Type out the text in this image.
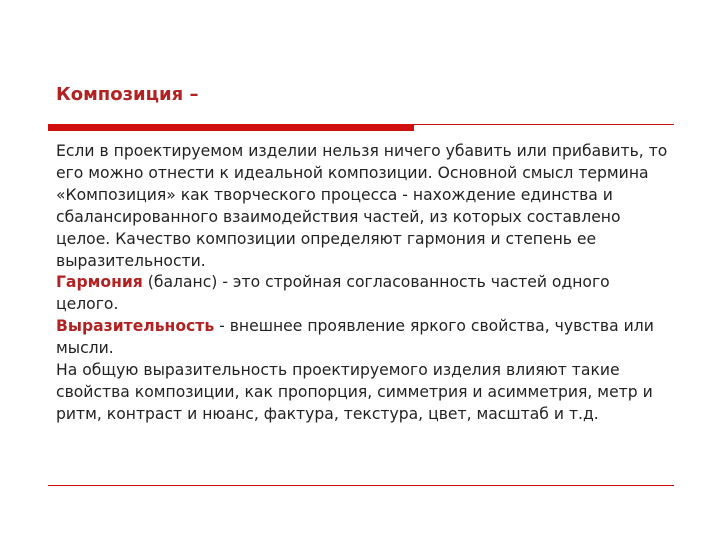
Композиция –

Если в проектируемом изделии нельзя ничего убавить или прибавить, то его можно отнести к идеальной композиции. Основной смысл термина «Композиция» как творческого процесса - нахождение единства и сбалансированного взаимодействия частей, из которых составлено целое. Качество композиции определяют гармония и степень ее выразительности.

Гармония (баланс) - это стройная согласованность частей одного целого.

Выразительность - внешнее проявление яркого свойства, чувства или мысли.

На общую выразительность проектируемого изделия влияют такие свойства композиции, как пропорция, симметрия и асимметрия, метр и ритм, контраст и нюанс, фактура, текстура, цвет, масштаб и т.д.
